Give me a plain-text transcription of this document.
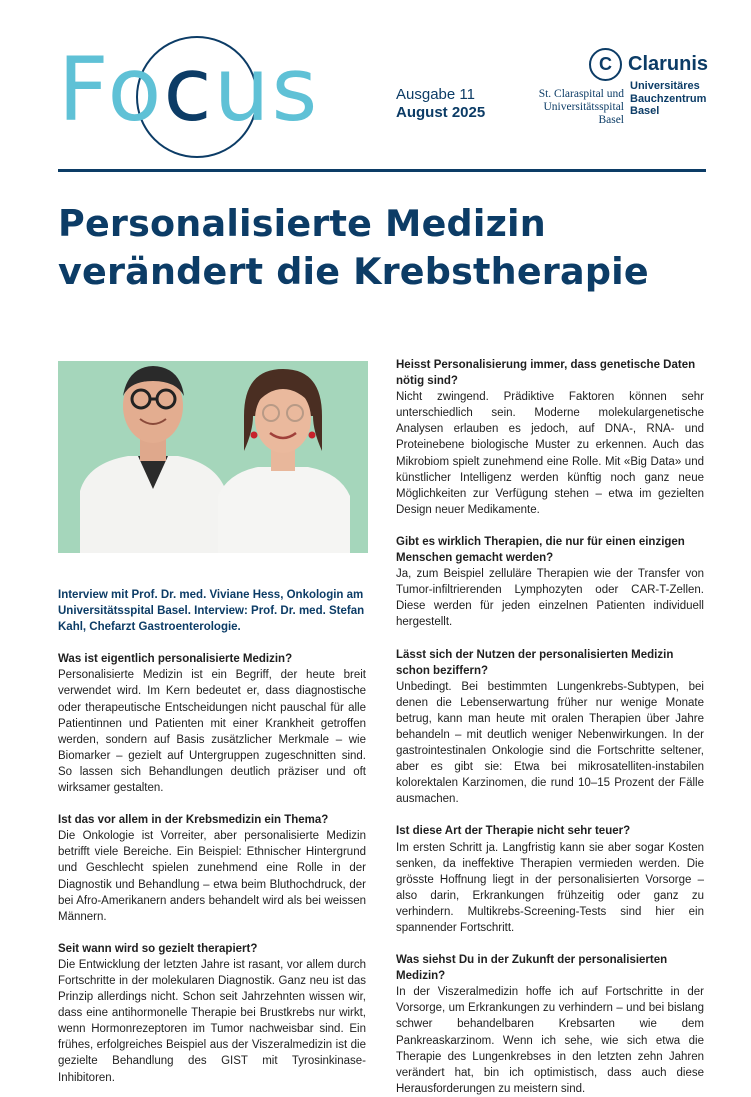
Focus	Ausgabe 11
August 2025
St. Claraspital und
Universitätsspital
Basel
C Clarunis
Universitäres
Bauchzentrum
Basel
Personalisierte Medizin
verändert die Krebstherapie

Interview mit Prof. Dr. med. Viviane Hess, Onkologin am Universitätsspital Basel. Interview: Prof. Dr. med. Stefan Kahl, Chefarzt Gastroenterologie.

Was ist eigentlich personalisierte Medizin?

Personalisierte Medizin ist ein Begriff, der heute breit verwendet wird. Im Kern bedeutet er, dass diagnostische oder therapeutische Entscheidungen nicht pauschal für alle Patientinnen und Patienten mit einer Krankheit getroffen werden, sondern auf Basis zusätzlicher Merkmale – wie Biomarker – gezielt auf Untergruppen zugeschnitten sind. So lassen sich Behandlungen deutlich präziser und oft wirksamer gestalten.

Ist das vor allem in der Krebsmedizin ein Thema?

Die Onkologie ist Vorreiter, aber personalisierte Medizin betrifft viele Bereiche. Ein Beispiel: Ethnischer Hintergrund und Geschlecht spielen zunehmend eine Rolle in der Diagnostik und Behandlung – etwa beim Bluthochdruck, der bei Afro-Amerikanern anders behandelt wird als bei weissen Männern.

Seit wann wird so gezielt therapiert?

Die Entwicklung der letzten Jahre ist rasant, vor allem durch Fortschritte in der molekularen Diagnostik. Ganz neu ist das Prinzip allerdings nicht. Schon seit Jahrzehnten wissen wir, dass eine antihormonelle Therapie bei Brustkrebs nur wirkt, wenn Hormonrezeptoren im Tumor nachweisbar sind. Ein frühes, erfolgreiches Beispiel aus der Viszeralmedizin ist die gezielte Behandlung des GIST mit Tyrosinkinase-Inhibitoren.

Heisst Personalisierung immer, dass genetische Daten nötig sind?

Nicht zwingend. Prädiktive Faktoren können sehr unterschiedlich sein. Moderne molekulargenetische Analysen erlauben es jedoch, auf DNA-, RNA- und Proteinebene biologische Muster zu erkennen. Auch das Mikrobiom spielt zunehmend eine Rolle. Mit «Big Data» und künstlicher Intelligenz werden künftig noch ganz neue Möglichkeiten zur Verfügung stehen – etwa im gezielten Design neuer Medikamente.

Gibt es wirklich Therapien, die nur für einen einzigen Menschen gemacht werden?

Ja, zum Beispiel zelluläre Therapien wie der Transfer von Tumor-infiltrierenden Lymphozyten oder CAR-T-Zellen. Diese werden für jeden einzelnen Patienten individuell hergestellt.

Lässt sich der Nutzen der personalisierten Medizin schon beziffern?

Unbedingt. Bei bestimmten Lungenkrebs-Subtypen, bei denen die Lebenserwartung früher nur wenige Monate betrug, kann man heute mit oralen Therapien über Jahre behandeln – mit deutlich weniger Nebenwirkungen. In der gastrointestinalen Onkologie sind die Fortschritte seltener, aber es gibt sie: Etwa bei mikrosatelliten-instabilen kolorektalen Karzinomen, die rund 10–15 Prozent der Fälle ausmachen.

Ist diese Art der Therapie nicht sehr teuer?

Im ersten Schritt ja. Langfristig kann sie aber sogar Kosten senken, da ineffektive Therapien vermieden werden. Die grösste Hoffnung liegt in der personalisierten Vorsorge – also darin, Erkrankungen frühzeitig oder ganz zu verhindern. Multikrebs-Screening-Tests sind hier ein spannender Fortschritt.

Was siehst Du in der Zukunft der personalisierten Medizin?

In der Viszeralmedizin hoffe ich auf Fortschritte in der Vorsorge, um Erkrankungen zu verhindern – und bei bislang schwer behandelbaren Krebsarten wie dem Pankreaskarzinom. Wenn ich sehe, wie sich etwa die Therapie des Lungenkrebses in den letzten zehn Jahren verändert hat, bin ich optimistisch, dass auch diese Herausforderungen zu meistern sind.
